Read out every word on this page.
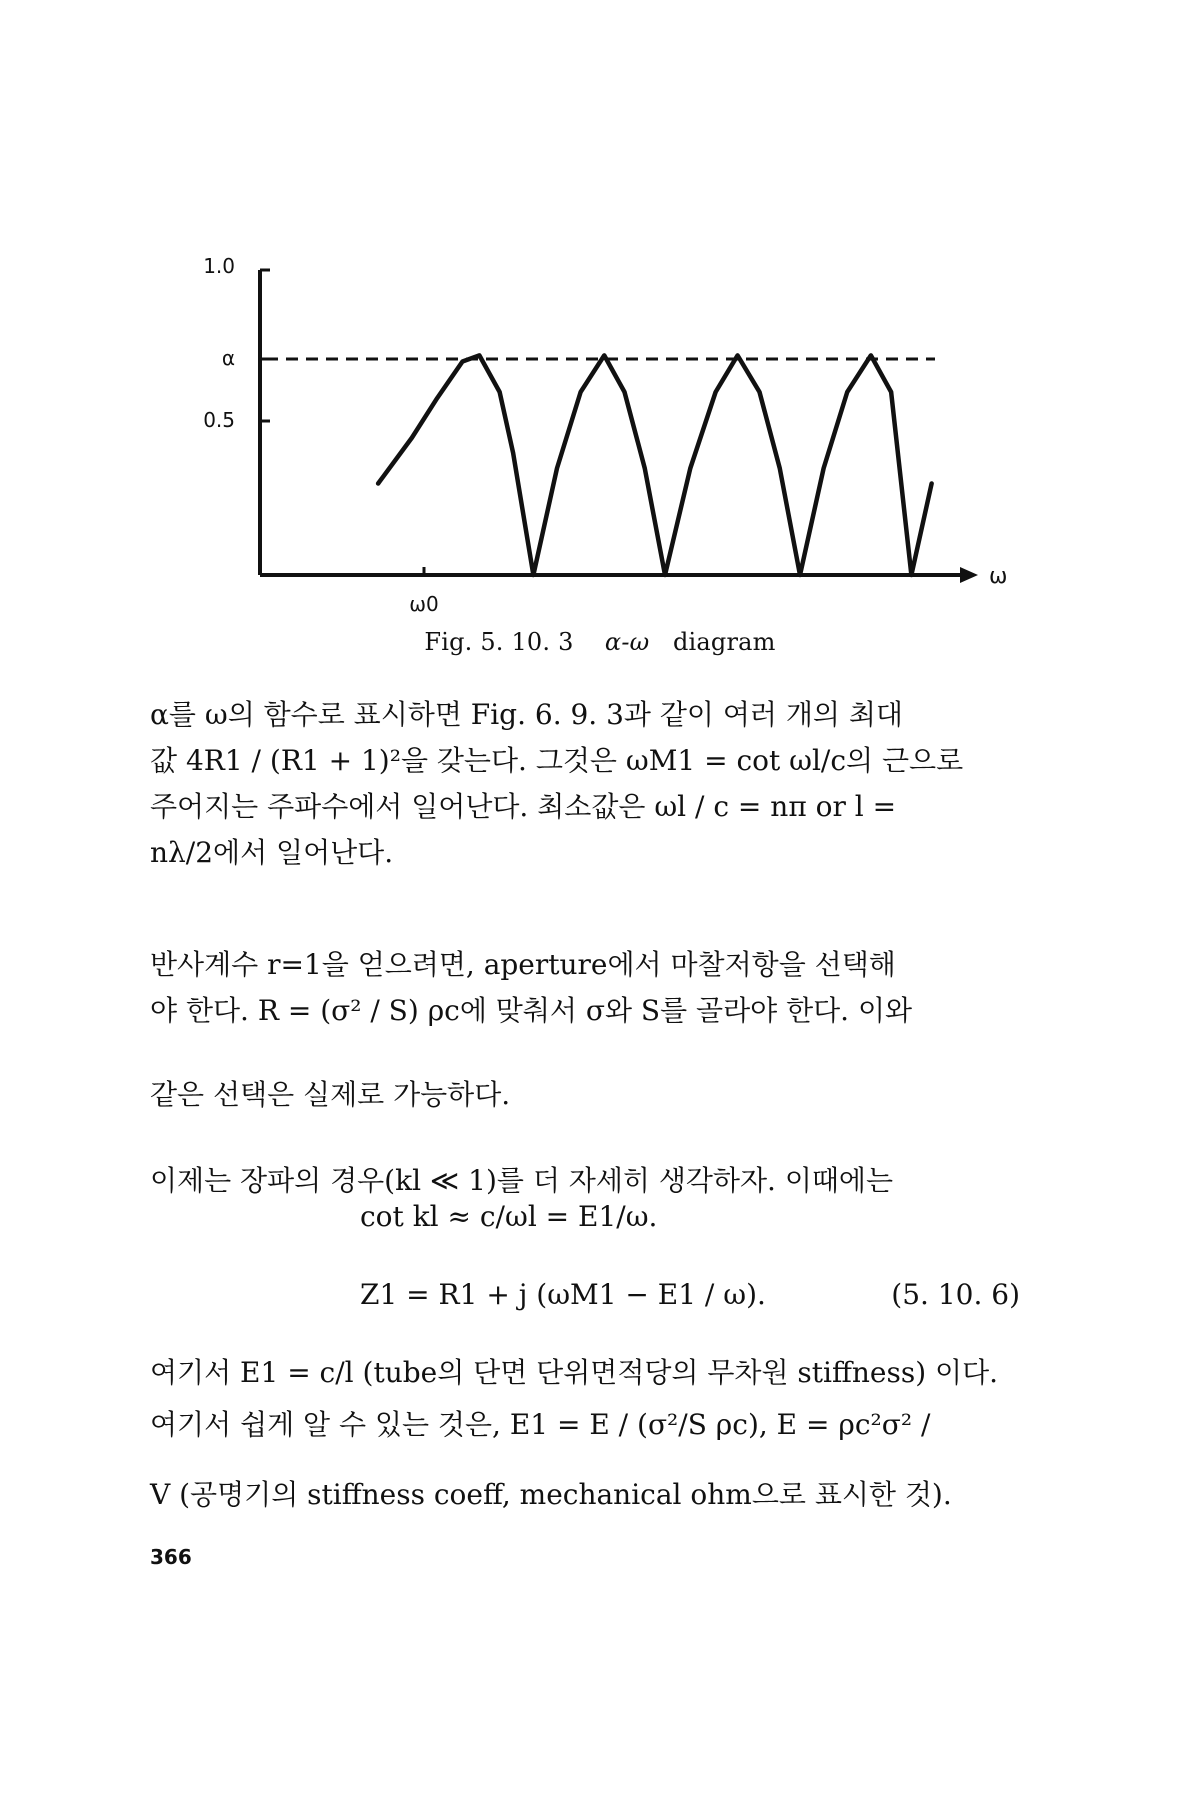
1.0
α
0.5
ω
ω0
Fig. 5. 10. 3 α-ω diagram
α를 ω의 함수로 표시하면 Fig. 6. 9. 3과 같이 여러 개의 최대
값 4R1 / (R1 + 1)²을 갖는다. 그것은 ωM1 = cot ωl/c의 근으로
주어지는 주파수에서 일어난다. 최소값은 ωl / c = nπ or l =
nλ/2에서 일어난다.
반사계수 r=1을 얻으려면, aperture에서 마찰저항을 선택해
야 한다. R = (σ² / S) ρc에 맞춰서 σ와 S를 골라야 한다. 이와
같은 선택은 실제로 가능하다.
이제는 장파의 경우(kl ≪ 1)를 더 자세히 생각하자. 이때에는
cot kl ≈ c/ωl = E1/ω.
Z1 = R1 + j (ωM1 − E1 / ω).	(5. 10. 6)
여기서 E1 = c/l (tube의 단면 단위면적당의 무차원 stiffness) 이다.
여기서 쉽게 알 수 있는 것은, E1 = E / (σ²/S ρc), E = ρc²σ² /
V (공명기의 stiffness coeff, mechanical ohm으로 표시한 것).
366
